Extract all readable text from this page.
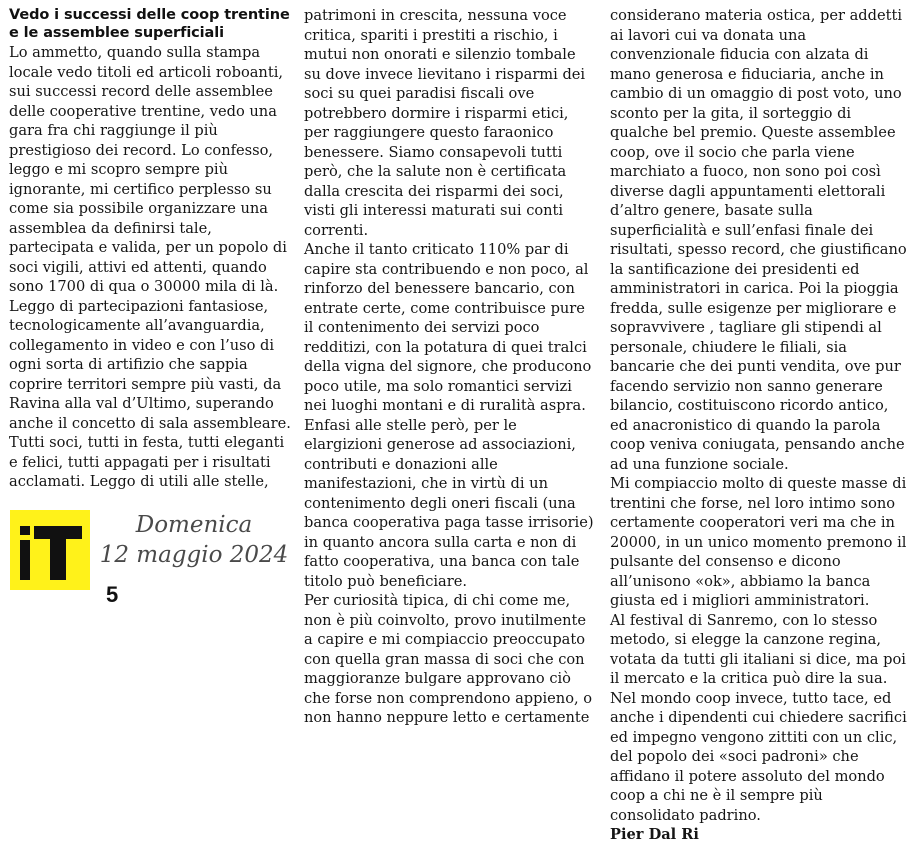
Vedo i successi delle coop trentine e le assemblee superficiali

Lo ammetto, quando sulla stampa locale vedo titoli ed articoli roboanti, sui successi record delle assemblee delle cooperative trentine, vedo una gara fra chi raggiunge il più prestigioso dei record. Lo confesso, leggo e mi scopro sempre più ignorante, mi certifico perplesso su come sia possibile organizzare una assemblea da definirsi tale, partecipata e valida, per un popolo di soci vigili, attivi ed attenti, quando sono 1700 di qua o 30000 mila di là. Leggo di partecipazioni fantasiose, tecnologicamente all’avanguardia, collegamento in video e con l’uso di ogni sorta di artifizio che sappia coprire territori sempre più vasti, da Ravina alla val d’Ultimo, superando anche il concetto di sala assembleare. Tutti soci, tutti in festa, tutti eleganti e felici, tutti appagati per i risultati acclamati. Leggo di utili alle stelle,

patrimoni in crescita, nessuna voce critica, spariti i prestiti a rischio, i mutui non onorati e silenzio tombale su dove invece lievitano i risparmi dei soci su quei paradisi fiscali ove potrebbero dormire i risparmi etici, per raggiungere questo faraonico benessere. Siamo consapevoli tutti però, che la salute non è certificata dalla crescita dei risparmi dei soci, visti gli interessi maturati sui conti correnti.

Anche il tanto criticato 110% par di capire sta contribuendo e non poco, al rinforzo del benessere bancario, con entrate certe, come contribuisce pure il contenimento dei servizi poco redditizi, con la potatura di quei tralci della vigna del signore, che producono poco utile, ma solo romantici servizi nei luoghi montani e di ruralità aspra.

Enfasi alle stelle però, per le elargizioni generose ad associazioni, contributi e donazioni alle manifestazioni, che in virtù di un contenimento degli oneri fiscali (una banca cooperativa paga tasse irrisorie) in quanto ancora sulla carta e non di fatto cooperativa, una banca con tale titolo può beneficiare.

Per curiosità tipica, di chi come me, non è più coinvolto, provo inutilmente a capire e mi compiaccio preoccupato con quella gran massa di soci che con maggioranze bulgare approvano ciò che forse non comprendono appieno, o non hanno neppure letto e certamente

considerano materia ostica, per addetti ai lavori cui va donata una convenzionale fiduciа con alzata di mano generosa e fiduciaria, anche in cambio di un omaggio di post voto, uno sconto per la gita, il sorteggio di qualche bel premio. Queste assemblee coop, ove il socio che parla viene marchiato a fuoco, non sono poi così diverse dagli appuntamenti elettorali d’altro genere, basate sulla superficialità e sull’enfasi finale dei risultati, spesso record, che giustificano la santificazione dei presidenti ed amministratori in carica. Poi la pioggia fredda, sulle esigenze per migliorare e sopravvivere , tagliare gli stipendi al personale, chiudere le filiali, sia bancarie che dei punti vendita, ove pur facendo servizio non sanno generare bilancio, costituiscono ricordo antico, ed anacronistico di quando la parola coop veniva coniugata, pensando anche ad una funzione sociale.

Mi compiaccio molto di queste masse di trentini che forse, nel loro intimo sono certamente cooperatori veri ma che in 20000, in un unico momento premono il pulsante del consenso e dicono all’unisono «ok», abbiamo la banca giusta ed i migliori amministratori.

Al festival di Sanremo, con lo stesso metodo, si elegge la canzone regina, votata da tutti gli italiani si dice, ma poi il mercato e la critica può dire la sua.

Nel mondo coop invece, tutto tace, ed anche i dipendenti cui chiedere sacrifici ed impegno vengono zittiti con un clic, del popolo dei «soci padroni» che affidano il potere assoluto del mondo coop a chi ne è il sempre più consolidato padrino.

Pier Dal Ri

Domenica
12 maggio 2024
5
